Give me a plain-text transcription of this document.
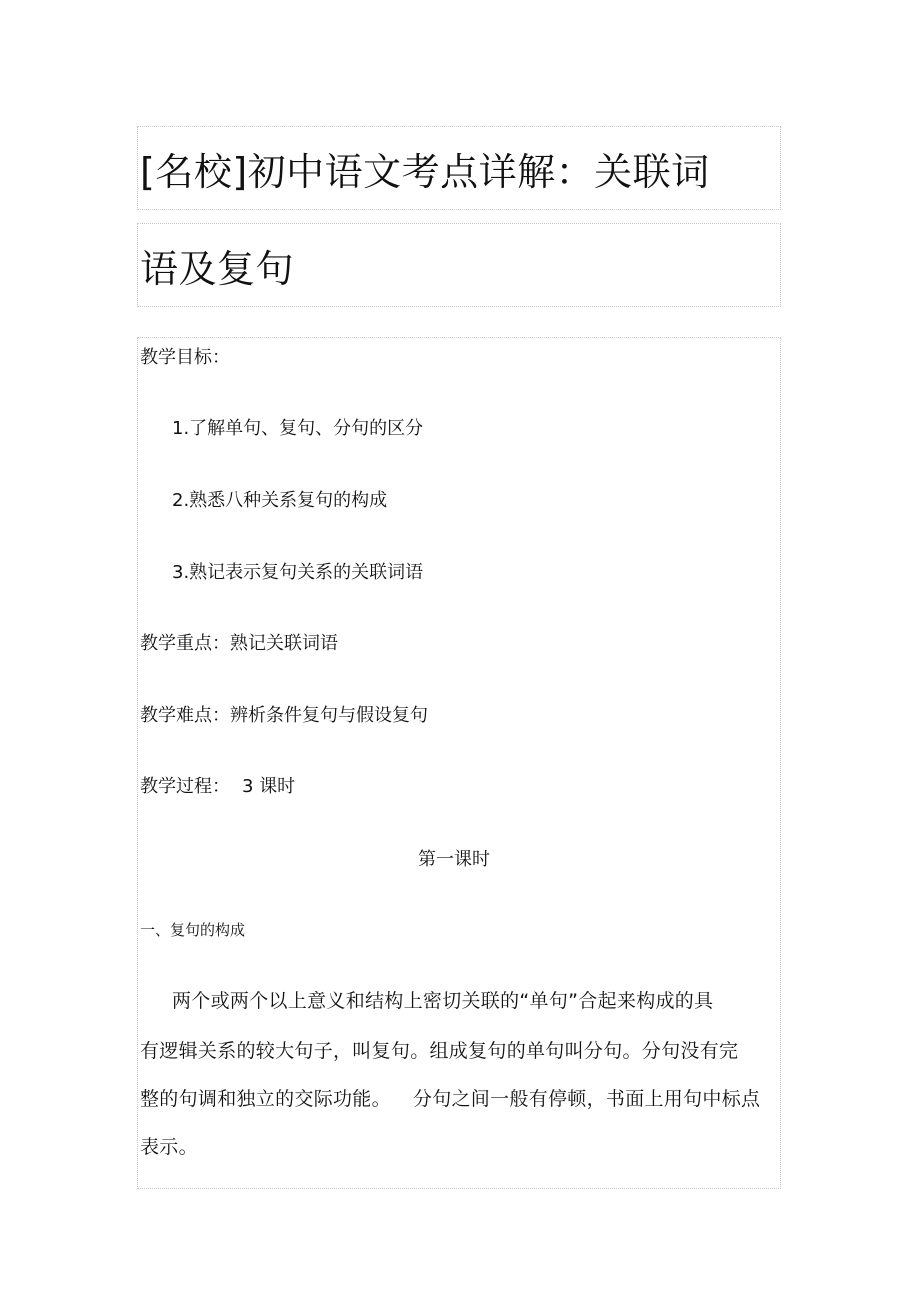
[名校]初中语文考点详解：关联词
语及复句

教学目标：

1.了解单句、复句、分句的区分

2.熟悉八种关系复句的构成

3.熟记表示复句关系的关联词语

教学重点：熟记关联词语

教学难点：辨析条件复句与假设复句

教学过程： 3 课时

第一课时

一、复句的构成

两个或两个以上意义和结构上密切关联的“单句”合起来构成的具

有逻辑关系的较大句子，叫复句。组成复句的单句叫分句。分句没有完

整的句调和独立的交际功能。 分句之间一般有停顿，书面上用句中标点

表示。
